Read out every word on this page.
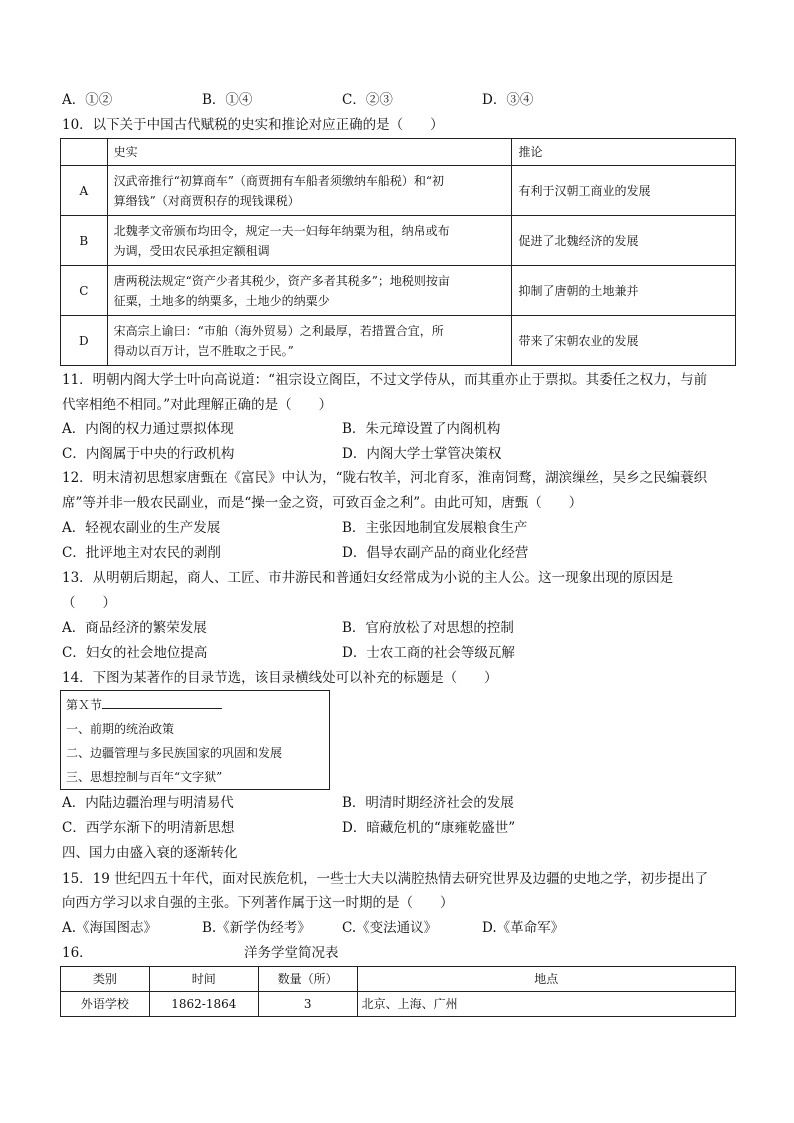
A．①②	B．①④	C．②③	D．③④
10．以下关于中国古代赋税的史实和推论对应正确的是（　　）
	史实	推论
A	汉武帝推行“初算商车”（商贾拥有车船者须缴纳车船税）和“初
算缗钱”（对商贾积存的现钱课税）	有利于汉朝工商业的发展
B	北魏孝文帝颁布均田令，规定一夫一妇每年纳粟为租，纳帛或布
为调，受田农民承担定额租调	促进了北魏经济的发展
C	唐两税法规定“资产少者其税少，资产多者其税多”；地税则按亩
征粟，土地多的纳粟多，土地少的纳粟少	抑制了唐朝的土地兼并
D	宋高宗上谕曰：“市舶（海外贸易）之利最厚，若措置合宜，所
得动以百万计，岂不胜取之于民。”	带来了宋朝农业的发展
11．明朝内阁大学士叶向高说道：“祖宗设立阁臣，不过文学侍从，而其重亦止于票拟。其委任之权力，与前
代宰相绝不相同。”对此理解正确的是（　　）
A．内阁的权力通过票拟体现	B．朱元璋设置了内阁机构
C．内阁属于中央的行政机构	D．内阁大学士掌管决策权
12．明末清初思想家唐甄在《富民》中认为，“陇右牧羊，河北育豕，淮南饲鹜，湖滨缫丝，吴乡之民编蓑织
席”等并非一般农民副业，而是“操一金之资，可致百金之利”。由此可知，唐甄（　　）
A．轻视农副业的生产发展	B．主张因地制宜发展粮食生产
C．批评地主对农民的剥削	D．倡导农副产品的商业化经营
13．从明朝后期起，商人、工匠、市井游民和普通妇女经常成为小说的主人公。这一现象出现的原因是
（　　）
A．商品经济的繁荣发展	B．官府放松了对思想的控制
C．妇女的社会地位提高	D．士农工商的社会等级瓦解
14．下图为某著作的目录节选，该目录横线处可以补充的标题是（　　）
第Ｘ节
一、前期的统治政策
二、边疆管理与多民族国家的巩固和发展
三、思想控制与百年“文字狱”
A．内陆边疆治理与明清易代	B．明清时期经济社会的发展
C．西学东渐下的明清新思想	D．暗藏危机的“康雍乾盛世”
四、国力由盛入衰的逐渐转化
15．19 世纪四五十年代，面对民族危机，一些士大夫以满腔热情去研究世界及边疆的史地之学，初步提出了
向西方学习以求自强的主张。下列著作属于这一时期的是（　　）
A.《海国图志》	B.《新学伪经考》 C.《变法通议》	D.《革命军》
16．	洋务学堂简况表
类别	时间	数量（所）	地点
外语学校	1862-1864	3	北京、上海、广州
